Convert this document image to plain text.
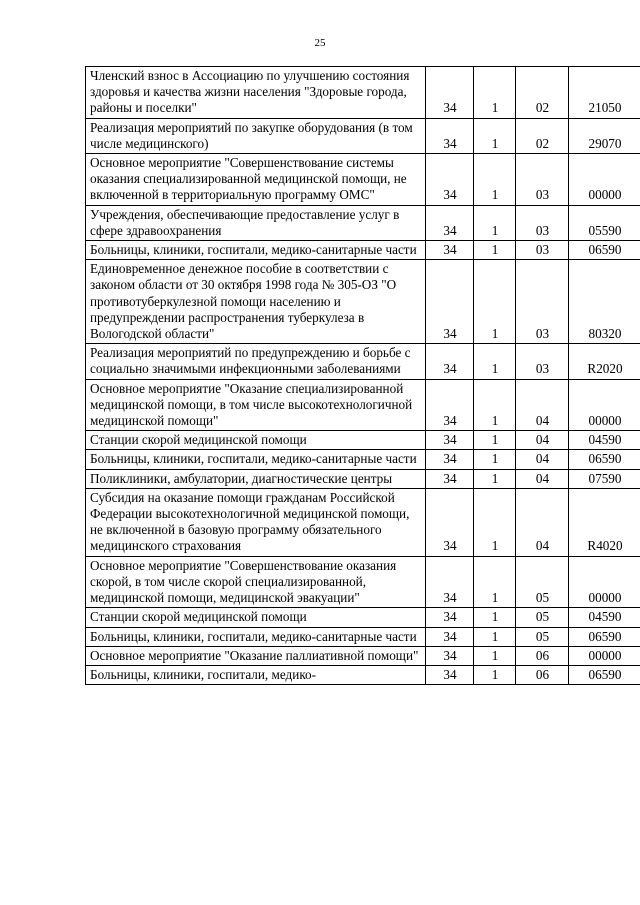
25
Членский взнос в Ассоциацию по улучшению состояния здоровья и качества жизни населения "Здоровые города, районы и поселки"	34	1	02	21050
Реализация мероприятий по закупке оборудования (в том числе медицинского)	34	1	02	29070
Основное мероприятие "Совершенствование системы оказания специализированной медицинской помощи, не включенной в территориальную программу ОМС"	34	1	03	00000
Учреждения, обеспечивающие предоставление услуг в сфере здравоохранения	34	1	03	05590
Больницы, клиники, госпитали, медико-санитарные части	34	1	03	06590
Единовременное денежное пособие в соответствии с законом области от 30 октября 1998 года № 305-ОЗ "О противотуберкулезной помощи населению и предупреждении распространения туберкулеза в Вологодской области"	34	1	03	80320
Реализация мероприятий по предупреждению и борьбе с социально значимыми инфекционными заболеваниями	34	1	03	R2020
Основное мероприятие "Оказание специализированной медицинской помощи, в том числе высокотехнологичной медицинской помощи"	34	1	04	00000
Станции скорой медицинской помощи	34	1	04	04590
Больницы, клиники, госпитали, медико-санитарные части	34	1	04	06590
Поликлиники, амбулатории, диагностические центры	34	1	04	07590
Субсидия на оказание помощи гражданам Российской Федерации высокотехнологичной медицинской помощи, не включенной в базовую программу обязательного медицинского страхования	34	1	04	R4020
Основное мероприятие "Совершенствование оказания скорой, в том числе скорой специализированной, медицинской помощи, медицинской эвакуации"	34	1	05	00000
Станции скорой медицинской помощи	34	1	05	04590
Больницы, клиники, госпитали, медико-санитарные части	34	1	05	06590
Основное мероприятие "Оказание паллиативной помощи"	34	1	06	00000
Больницы, клиники, госпитали, медико-	34	1	06	06590
